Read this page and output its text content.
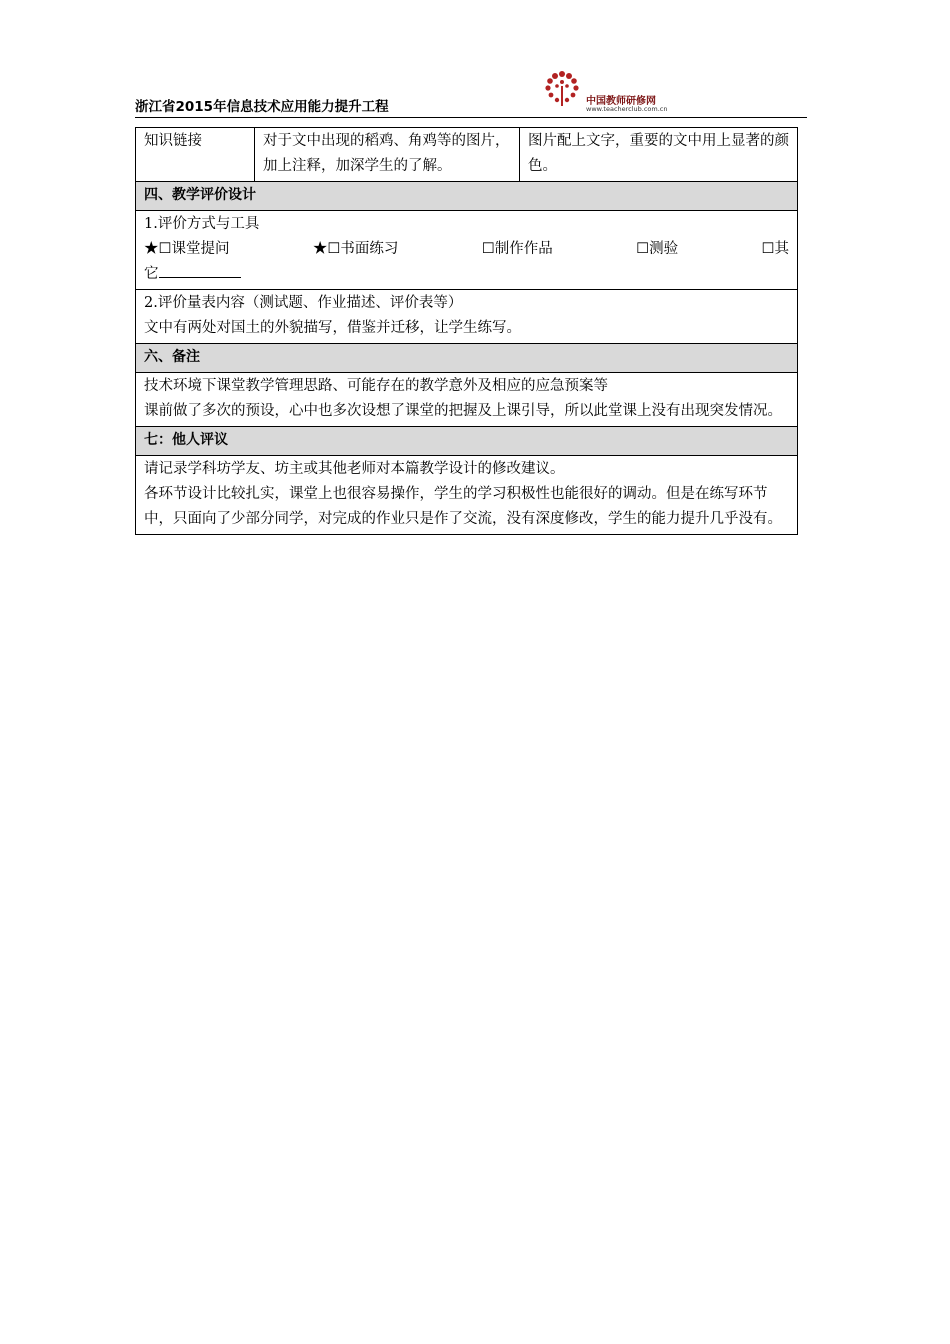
浙江省2015年信息技术应用能力提升工程	中国教师研修网
www.teacherclub.com.cn
知识链接	对于文中出现的稻鸡、角鸡等的图片，加上注释，加深学生的了解。	图片配上文字，重要的文中用上显著的颜色。
四、教学评价设计

1.评价方式与工具
★☐课堂提问	★☐书面练习	☐制作作品	☐测验	☐其
它

2.评价量表内容（测试题、作业描述、评价表等）
文中有两处对国土的外貌描写，借鉴并迁移，让学生练写。

六、备注

技术环境下课堂教学管理思路、可能存在的教学意外及相应的应急预案等
课前做了多次的预设，心中也多次设想了课堂的把握及上课引导，所以此堂课上没有出现突发情况。

七：他人评议

请记录学科坊学友、坊主或其他老师对本篇教学设计的修改建议。
各环节设计比较扎实，课堂上也很容易操作，学生的学习积极性也能很好的调动。但是在练写环节中，只面向了少部分同学，对完成的作业只是作了交流，没有深度修改，学生的能力提升几乎没有。
